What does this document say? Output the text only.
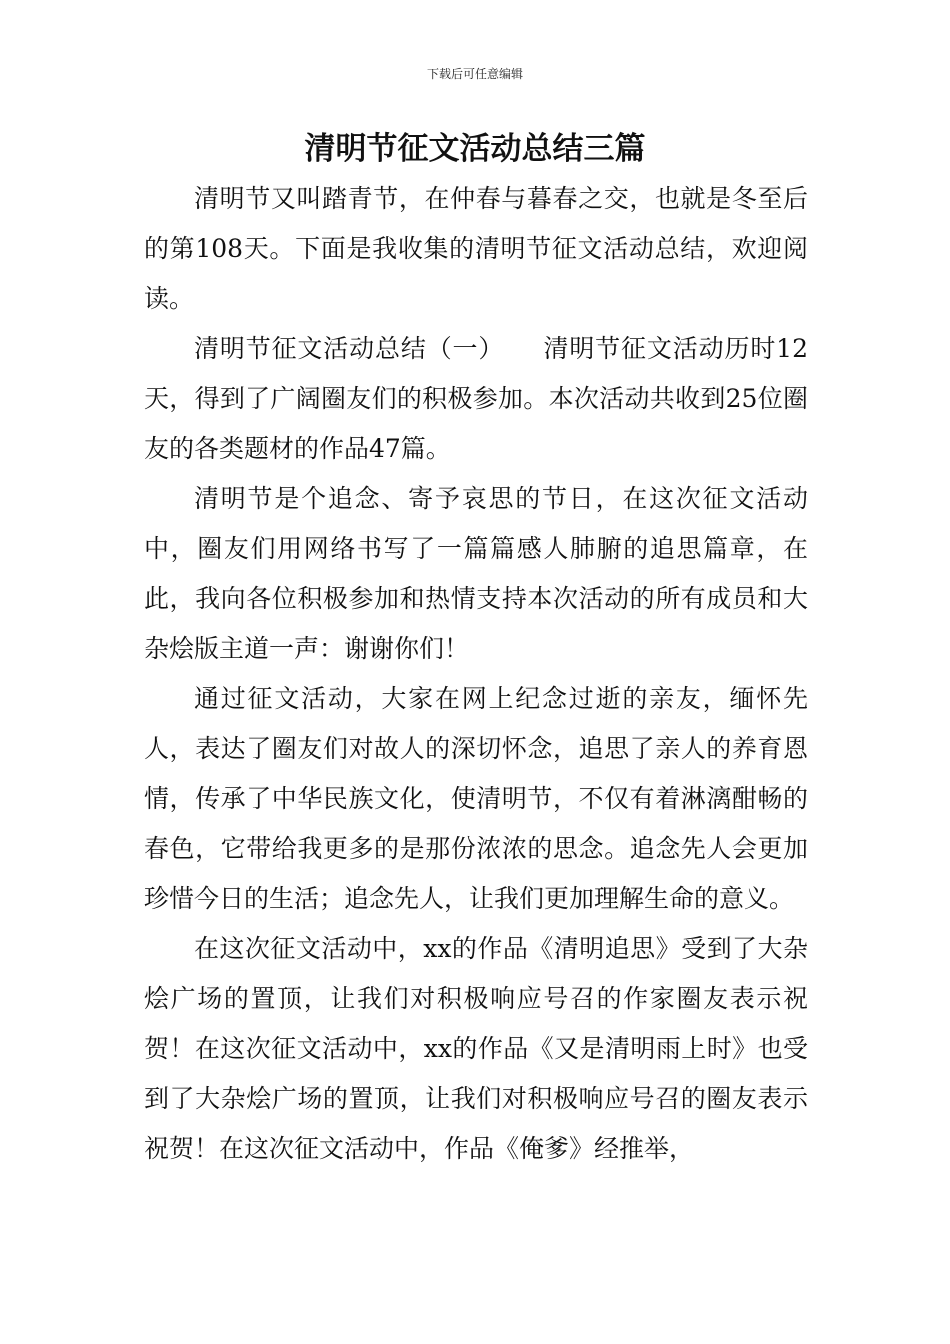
下载后可任意编辑
清明节征文活动总结三篇

清明节又叫踏青节，在仲春与暮春之交，也就是冬至后的第108天。下面是我收集的清明节征文活动总结，欢迎阅读。

清明节征文活动总结（一）　　清明节征文活动历时12天，得到了广阔圈友们的积极参加。本次活动共收到25位圈友的各类题材的作品47篇。

清明节是个追念、寄予哀思的节日，在这次征文活动中，圈友们用网络书写了一篇篇感人肺腑的追思篇章，在此，我向各位积极参加和热情支持本次活动的所有成员和大杂烩版主道一声：谢谢你们！

通过征文活动，大家在网上纪念过逝的亲友，缅怀先人，表达了圈友们对故人的深切怀念，追思了亲人的养育恩情，传承了中华民族文化，使清明节，不仅有着淋漓酣畅的春色，它带给我更多的是那份浓浓的思念。追念先人会更加珍惜今日的生活；追念先人，让我们更加理解生命的意义。

在这次征文活动中，xx的作品《清明追思》受到了大杂烩广场的置顶，让我们对积极响应号召的作家圈友表示祝贺！在这次征文活动中，xx的作品《又是清明雨上时》也受到了大杂烩广场的置顶，让我们对积极响应号召的圈友表示祝贺！在这次征文活动中，作品《俺爹》经推举，
